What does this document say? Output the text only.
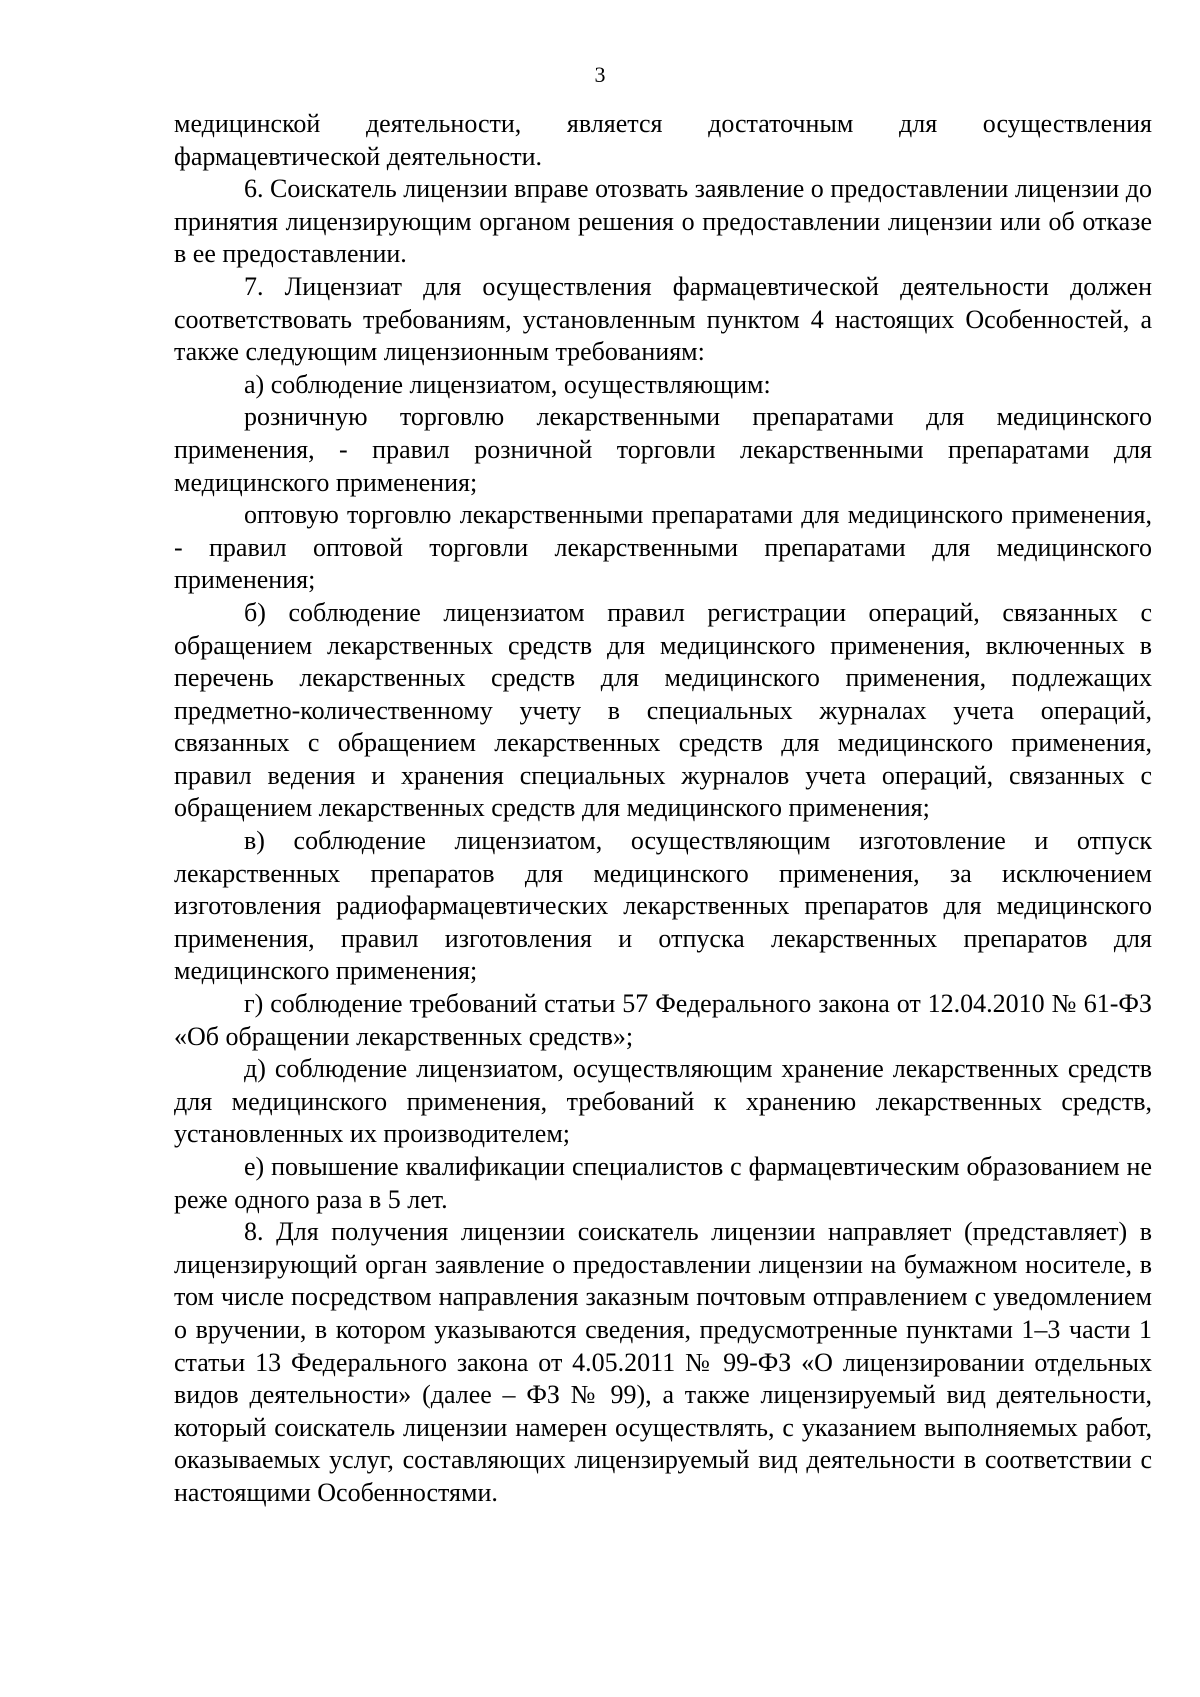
3

медицинской деятельности, является достаточным для осуществления фармацевтической деятельности.

6. Соискатель лицензии вправе отозвать заявление о предоставлении лицензии до принятия лицензирующим органом решения о предоставлении лицензии или об отказе в ее предоставлении.

7. Лицензиат для осуществления фармацевтической деятельности должен соответствовать требованиям, установленным пунктом 4 настоящих Особенностей, а также следующим лицензионным требованиям:

а) соблюдение лицензиатом, осуществляющим:

розничную торговлю лекарственными препаратами для медицинского применения, - правил розничной торговли лекарственными препаратами для медицинского применения;

оптовую торговлю лекарственными препаратами для медицинского применения, - правил оптовой торговли лекарственными препаратами для медицинского применения;

б) соблюдение лицензиатом правил регистрации операций, связанных с обращением лекарственных средств для медицинского применения, включенных в перечень лекарственных средств для медицинского применения, подлежащих предметно-количественному учету в специальных журналах учета операций, связанных с обращением лекарственных средств для медицинского применения, правил ведения и хранения специальных журналов учета операций, связанных с обращением лекарственных средств для медицинского применения;

в) соблюдение лицензиатом, осуществляющим изготовление и отпуск лекарственных препаратов для медицинского применения, за исключением изготовления радиофармацевтических лекарственных препаратов для медицинского применения, правил изготовления и отпуска лекарственных препаратов для медицинского применения;

г) соблюдение требований статьи 57 Федерального закона от 12.04.2010 № 61-ФЗ «Об обращении лекарственных средств»;

д) соблюдение лицензиатом, осуществляющим хранение лекарственных средств для медицинского применения, требований к хранению лекарственных средств, установленных их производителем;

е) повышение квалификации специалистов с фармацевтическим образованием не реже одного раза в 5 лет.

8. Для получения лицензии соискатель лицензии направляет (представляет) в лицензирующий орган заявление о предоставлении лицензии на бумажном носителе, в том числе посредством направления заказным почтовым отправлением с уведомлением о вручении, в котором указываются сведения, предусмотренные пунктами 1–3 части 1 статьи 13 Федерального закона от 4.05.2011 № 99-ФЗ «О лицензировании отдельных видов деятельности» (далее – ФЗ № 99), а также лицензируемый вид деятельности, который соискатель лицензии намерен осуществлять, с указанием выполняемых работ, оказываемых услуг, составляющих лицензируемый вид деятельности в соответствии с настоящими Особенностями.
